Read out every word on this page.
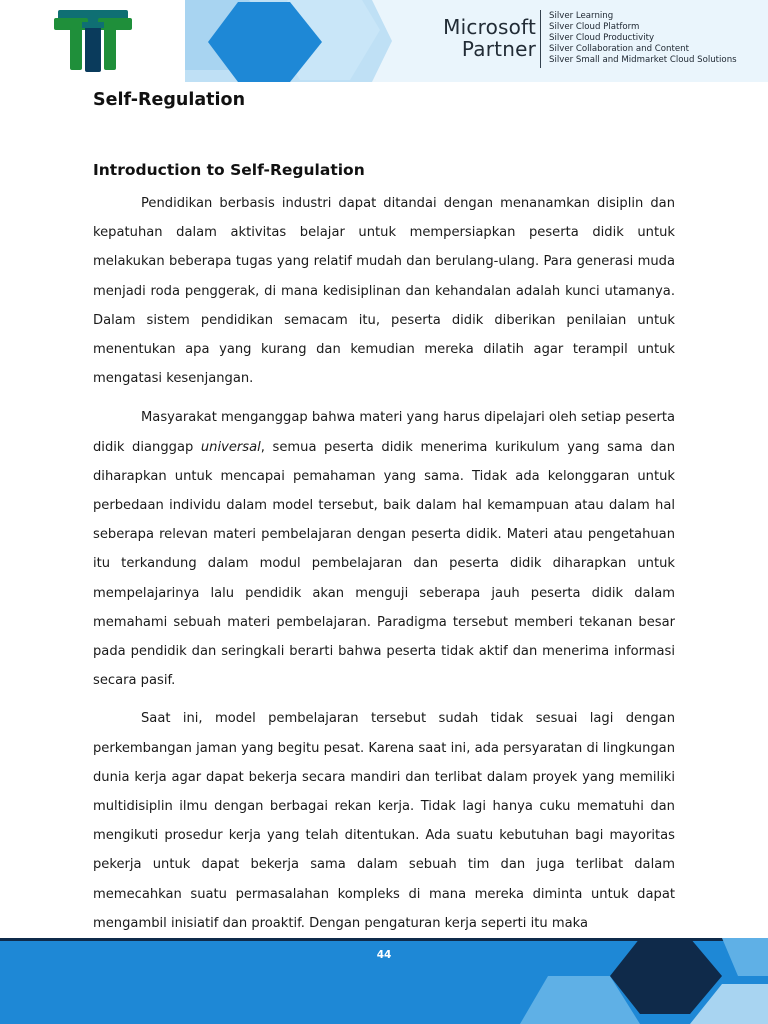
Microsoft
Partner
Silver Learning
Silver Cloud Platform
Silver Cloud Productivity
Silver Collaboration and Content
Silver Small and Midmarket Cloud Solutions
Self-Regulation
Introduction to Self-Regulation

Pendidikan berbasis industri dapat ditandai dengan menanamkan disiplin dan kepatuhan dalam aktivitas belajar untuk mempersiapkan peserta didik untuk melakukan beberapa tugas yang relatif mudah dan berulang-ulang. Para generasi muda menjadi roda penggerak, di mana kedisiplinan dan kehandalan adalah kunci utamanya. Dalam sistem pendidikan semacam itu, peserta didik diberikan penilaian untuk menentukan apa yang kurang dan kemudian mereka dilatih agar terampil untuk mengatasi kesenjangan.

Masyarakat menganggap bahwa materi yang harus dipelajari oleh setiap peserta didik dianggap universal, semua peserta didik menerima kurikulum yang sama dan diharapkan untuk mencapai pemahaman yang sama. Tidak ada kelonggaran untuk perbedaan individu dalam model tersebut, baik dalam hal kemampuan atau dalam hal seberapa relevan materi pembelajaran dengan peserta didik. Materi atau pengetahuan itu terkandung dalam modul pembelajaran dan peserta didik diharapkan untuk mempelajarinya lalu pendidik akan menguji seberapa jauh peserta didik dalam memahami sebuah materi pembelajaran. Paradigma tersebut memberi tekanan besar pada pendidik dan seringkali berarti bahwa peserta tidak aktif dan menerima informasi secara pasif.

Saat ini, model pembelajaran tersebut sudah tidak sesuai lagi dengan perkembangan jaman yang begitu pesat. Karena saat ini, ada persyaratan di lingkungan dunia kerja agar dapat bekerja secara mandiri dan terlibat dalam proyek yang memiliki multidisiplin ilmu dengan berbagai rekan kerja. Tidak lagi hanya cuku mematuhi dan mengikuti prosedur kerja yang telah ditentukan. Ada suatu kebutuhan bagi mayoritas pekerja untuk dapat bekerja sama dalam sebuah tim dan juga terlibat dalam memecahkan suatu permasalahan kompleks di mana mereka diminta untuk dapat mengambil inisiatif dan proaktif. Dengan pengaturan kerja seperti itu maka

44
